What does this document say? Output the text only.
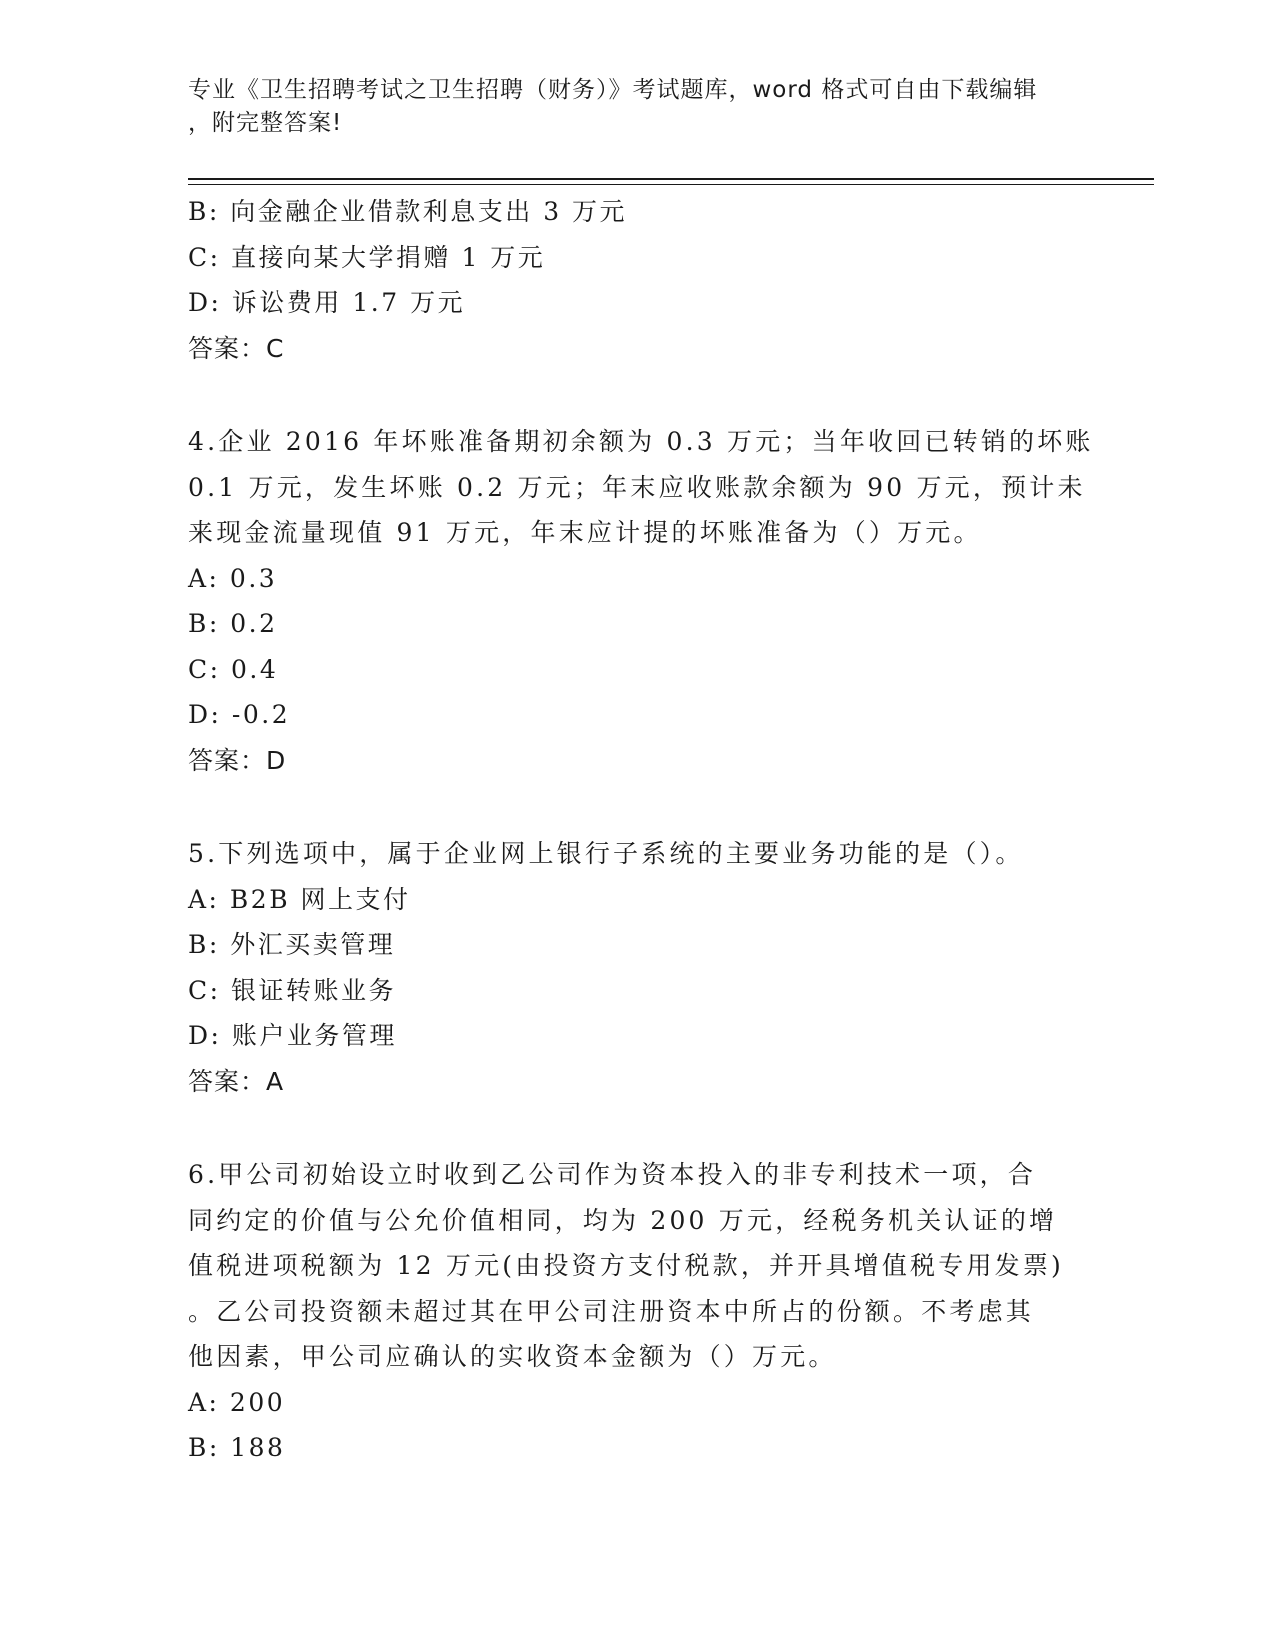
专业《卫生招聘考试之卫生招聘（财务）》考试题库，word 格式可自由下载编辑
，附完整答案!
B: 向金融企业借款利息支出 3 万元
C: 直接向某大学捐赠 1 万元
D: 诉讼费用 1.7 万元
答案：C
4.企业 2016 年坏账准备期初余额为 0.3 万元；当年收回已转销的坏账
0.1 万元，发生坏账 0.2 万元；年末应收账款余额为 90 万元，预计未
来现金流量现值 91 万元，年末应计提的坏账准备为（）万元。
A: 0.3
B: 0.2
C: 0.4
D: -0.2
答案：D
5.下列选项中，属于企业网上银行子系统的主要业务功能的是（）。
A: B2B 网上支付
B: 外汇买卖管理
C: 银证转账业务
D: 账户业务管理
答案：A
6.甲公司初始设立时收到乙公司作为资本投入的非专利技术一项，合
同约定的价值与公允价值相同，均为 200 万元，经税务机关认证的增
值税进项税额为 12 万元(由投资方支付税款，并开具增值税专用发票)
。乙公司投资额未超过其在甲公司注册资本中所占的份额。不考虑其
他因素，甲公司应确认的实收资本金额为（）万元。
A: 200
B: 188
